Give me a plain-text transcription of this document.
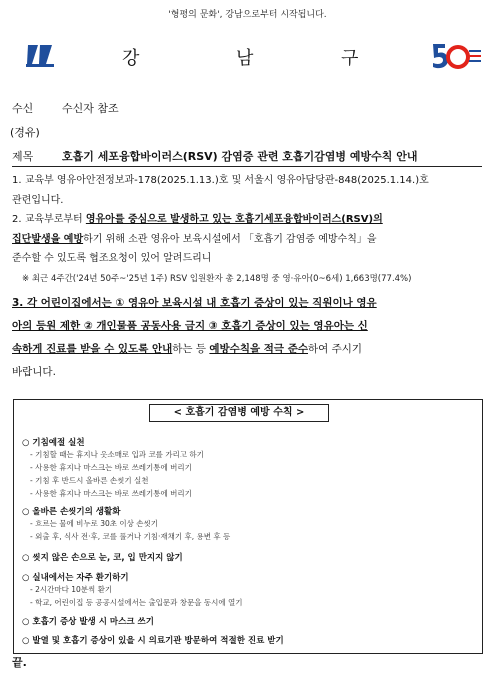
'형평의 문화', 강남으로부터 시작됩니다.
강	남	구
수신	수신자 참조
(경유)
제목	호흡기 세포융합바이러스(RSV) 감염증 관련 호흡기감염병 예방수칙 안내
1. 교육부 영유아안전정보과-178(2025.1.13.)호 및 서울시 영유아담당관-848(2025.1.14.)호
관련입니다.
2. 교육부로부터 영유아를 중심으로 발생하고 있는 호흡기세포융합바이러스(RSV)의
집단발생을 예방하기 위해 소관 영유아 보육시설에서 「호흡기 감염증 예방수칙」을
준수할 수 있도록 협조요청이 있어 알려드리니
※ 최근 4주간('24년 50주~'25년 1주) RSV 입원환자 총 2,148명 중 영·유아(0~6세) 1,663명(77.4%)
3. 각 어린이집에서는 ① 영유아 보육시설 내 호흡기 증상이 있는 직원이나 영유
아의 등원 제한 ② 개인물품 공동사용 금지 ③ 호흡기 증상이 있는 영유아는 신
속하게 진료를 받을 수 있도록 안내하는 등 예방수칙을 적극 준수하여 주시기
바랍니다.
< 호흡기 감염병 예방 수칙 >
○ 기침예절 실천
- 기침할 때는 휴지나 옷소매로 입과 코를 가리고 하기
- 사용한 휴지나 마스크는 바로 쓰레기통에 버리기
- 기침 후 반드시 올바른 손씻기 실천
- 사용한 휴지나 마스크는 바로 쓰레기통에 버리기
○ 올바른 손씻기의 생활화
- 흐르는 물에 비누로 30초 이상 손씻기
- 외출 후, 식사 전·후, 코를 풀거나 기침·재채기 후, 용변 후 등
○ 씻지 않은 손으로 눈, 코, 입 만지지 않기
○ 실내에서는 자주 환기하기
- 2시간마다 10분씩 환기
- 학교, 어린이집 등 공공시설에서는 출입문과 창문을 동시에 열기
○ 호흡기 증상 발생 시 마스크 쓰기
○ 발열 및 호흡기 증상이 있을 시 의료기관 방문하여 적절한 진료 받기
끝.
